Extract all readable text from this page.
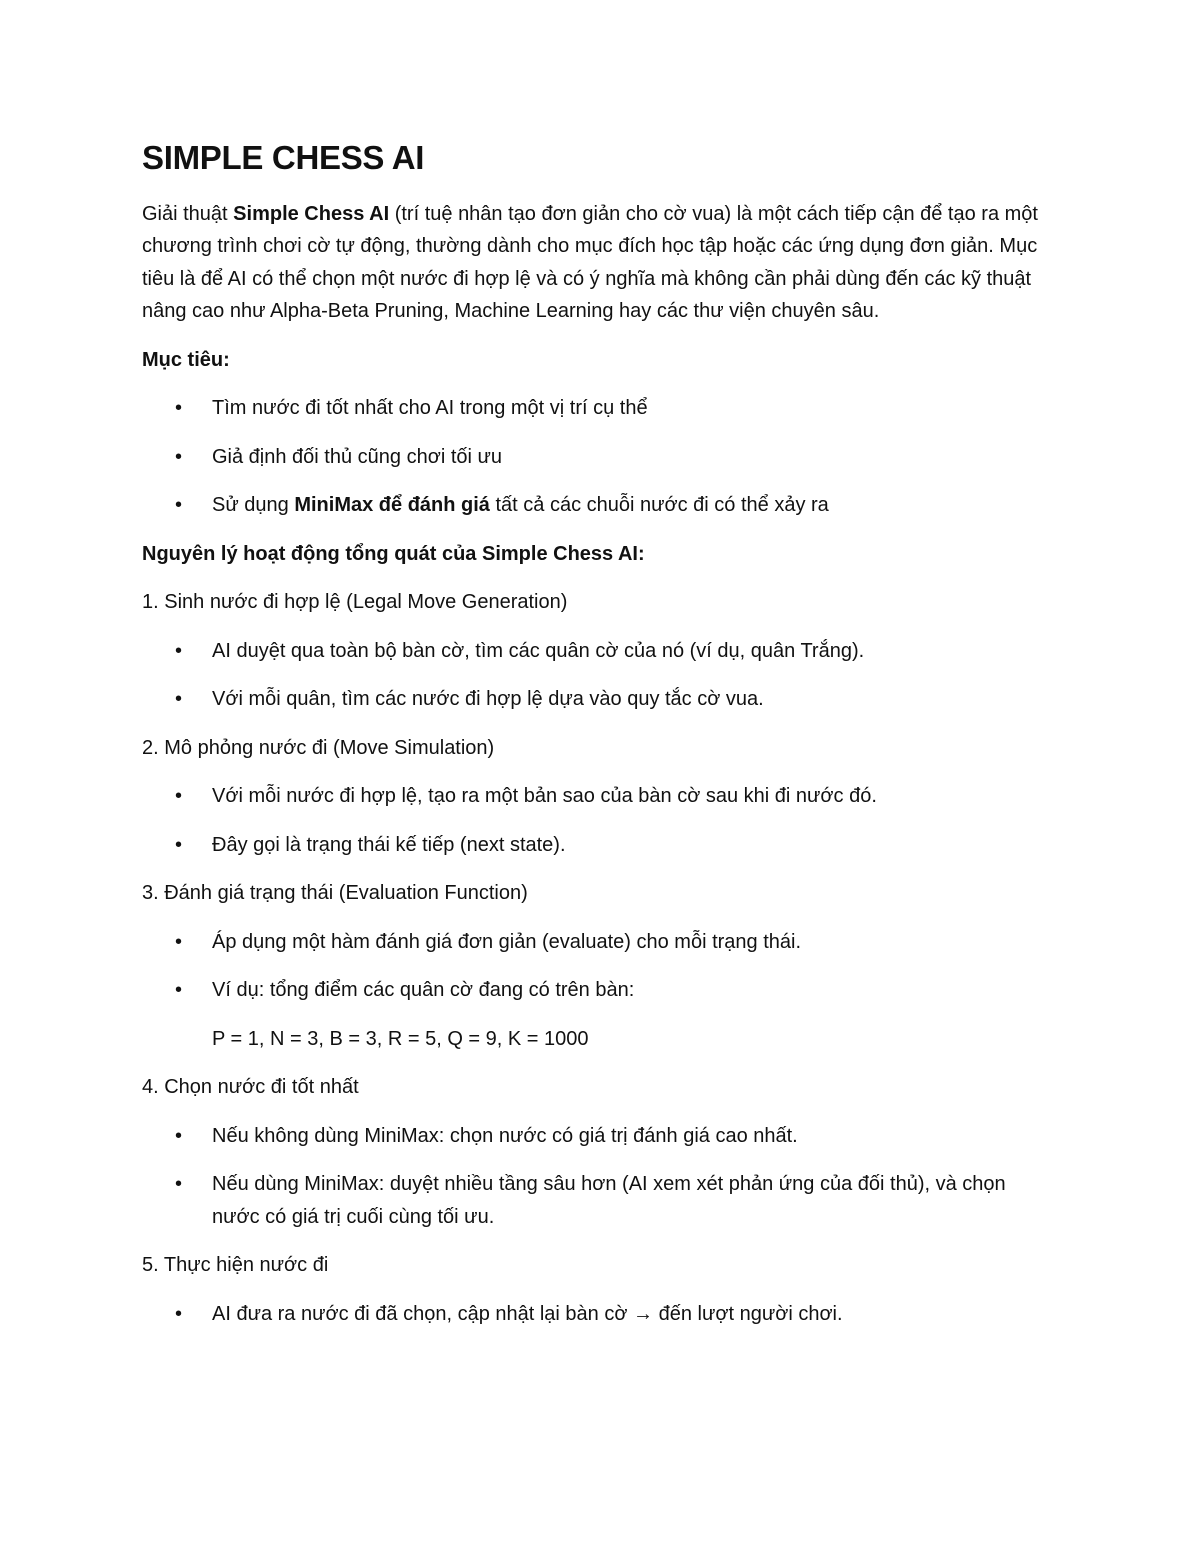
SIMPLE CHESS AI

Giải thuật Simple Chess AI (trí tuệ nhân tạo đơn giản cho cờ vua) là một cách tiếp cận để tạo ra một chương trình chơi cờ tự động, thường dành cho mục đích học tập hoặc các ứng dụng đơn giản. Mục tiêu là để AI có thể chọn một nước đi hợp lệ và có ý nghĩa mà không cần phải dùng đến các kỹ thuật nâng cao như Alpha-Beta Pruning, Machine Learning hay các thư viện chuyên sâu.

Mục tiêu:

• Tìm nước đi tốt nhất cho AI trong một vị trí cụ thể
• Giả định đối thủ cũng chơi tối ưu
• Sử dụng MiniMax để đánh giá tất cả các chuỗi nước đi có thể xảy ra

Nguyên lý hoạt động tổng quát của Simple Chess AI:

1. Sinh nước đi hợp lệ (Legal Move Generation)

• AI duyệt qua toàn bộ bàn cờ, tìm các quân cờ của nó (ví dụ, quân Trắng).
• Với mỗi quân, tìm các nước đi hợp lệ dựa vào quy tắc cờ vua.

2. Mô phỏng nước đi (Move Simulation)

• Với mỗi nước đi hợp lệ, tạo ra một bản sao của bàn cờ sau khi đi nước đó.
• Đây gọi là trạng thái kế tiếp (next state).

3. Đánh giá trạng thái (Evaluation Function)

• Áp dụng một hàm đánh giá đơn giản (evaluate) cho mỗi trạng thái.
• Ví dụ: tổng điểm các quân cờ đang có trên bàn:

P = 1, N = 3, B = 3, R = 5, Q = 9, K = 1000

4. Chọn nước đi tốt nhất

• Nếu không dùng MiniMax: chọn nước có giá trị đánh giá cao nhất.
• Nếu dùng MiniMax: duyệt nhiều tầng sâu hơn (AI xem xét phản ứng của đối thủ), và chọn nước có giá trị cuối cùng tối ưu.

5. Thực hiện nước đi

• AI đưa ra nước đi đã chọn, cập nhật lại bàn cờ → đến lượt người chơi.
